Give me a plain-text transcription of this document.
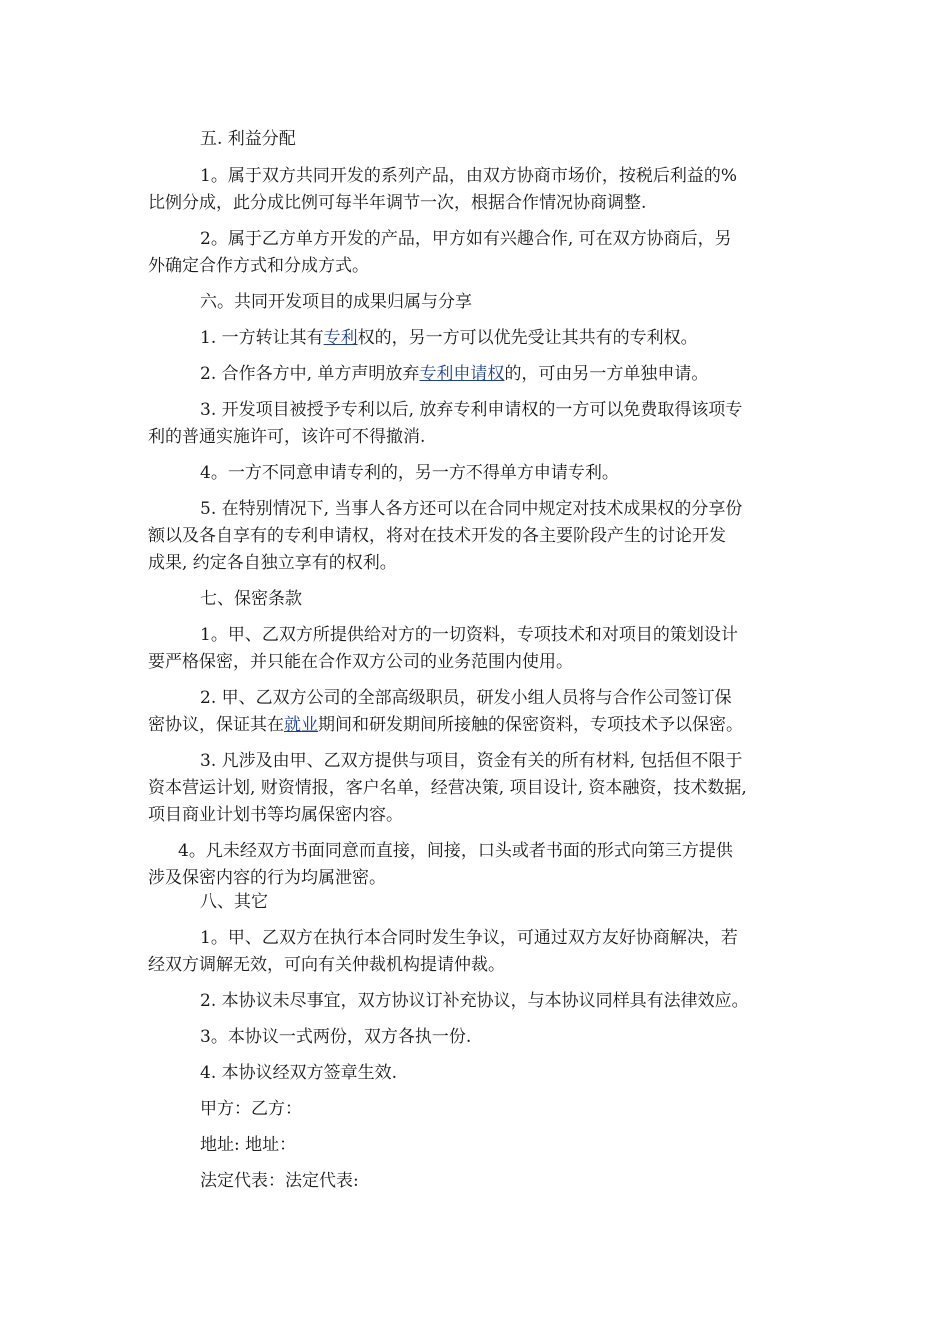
五. 利益分配

1。属于双方共同开发的系列产品，由双方协商市场价，按税后利益的%

比例分成，此分成比例可每半年调节一次，根据合作情况协商调整.

2。属于乙方单方开发的产品，甲方如有兴趣合作, 可在双方协商后，另

外确定合作方式和分成方式。

六。共同开发项目的成果归属与分享

1. 一方转让其有专利权的，另一方可以优先受让其共有的专利权。

2. 合作各方中, 单方声明放弃专利申请权的，可由另一方单独申请。

3. 开发项目被授予专利以后, 放弃专利申请权的一方可以免费取得该项专

利的普通实施许可，该许可不得撤消.

4。一方不同意申请专利的，另一方不得单方申请专利。

5. 在特别情况下, 当事人各方还可以在合同中规定对技术成果权的分享份

额以及各自享有的专利申请权，将对在技术开发的各主要阶段产生的讨论开发

成果, 约定各自独立享有的权利。

七、保密条款

1。甲、乙双方所提供给对方的一切资料，专项技术和对项目的策划设计

要严格保密，并只能在合作双方公司的业务范围内使用。

2. 甲、乙双方公司的全部高级职员，研发小组人员将与合作公司签订保

密协议，保证其在就业期间和研发期间所接触的保密资料，专项技术予以保密。

3. 凡涉及由甲、乙双方提供与项目，资金有关的所有材料, 包括但不限于

资本营运计划, 财资情报，客户名单，经营决策, 项目设计, 资本融资，技术数据,

项目商业计划书等均属保密内容。

4。凡未经双方书面同意而直接，间接，口头或者书面的形式向第三方提供

涉及保密内容的行为均属泄密。

八、其它

1。甲、乙双方在执行本合同时发生争议，可通过双方友好协商解决，若

经双方调解无效，可向有关仲裁机构提请仲裁。

2. 本协议未尽事宜，双方协议订补充协议，与本协议同样具有法律效应。

3。本协议一式两份，双方各执一份.

4. 本协议经双方签章生效.

甲方：乙方：

地址: 地址：

法定代表：法定代表:
